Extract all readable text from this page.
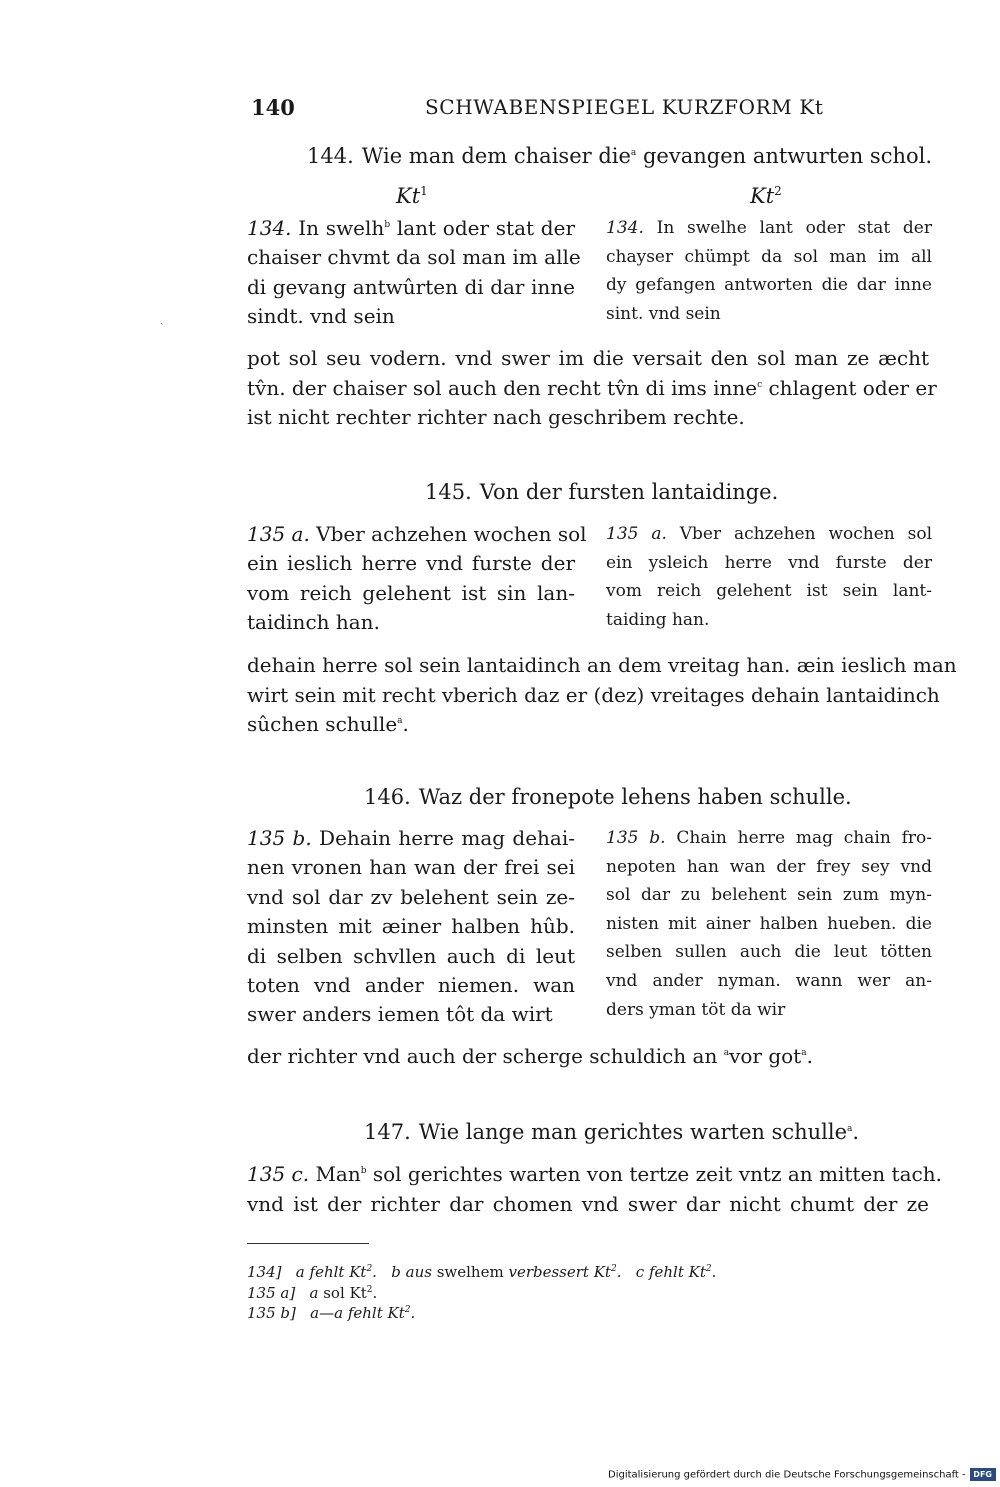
140	SCHWABENSPIEGEL KURZFORM Kt
144. Wie man dem chaiser die$^a$ gevangen antwurten schol.
Kt$^1$	Kt$^2$
134. In swelh$^b$ lant oder stat der
chaiser chvmt da sol man im alle
di gevang antwûrten di dar inne
sindt. vnd sein
134. In swelhe lant oder stat der
chayser chümpt da sol man im all
dy gefangen antworten die dar inne
sint. vnd sein
ˎ
pot sol seu vodern. vnd swer im die versait den sol man ze æcht
tv̂n. der chaiser sol auch den recht tv̂n di ims inne$^c$ chlagent oder er
ist nicht rechter richter nach geschribem rechte.
145. Von der fursten lantaidinge.
135 a. Vber achzehen wochen sol
ein ieslich herre vnd furste der
vom reich gelehent ist sin lan-
taidinch han.
135 a. Vber achzehen wochen sol
ein ysleich herre vnd furste der
vom reich gelehent ist sein lant-
taiding han.
dehain herre sol sein lantaidinch an dem vreitag han. æin ieslich man
wirt sein mit recht vberich daz er (dez) vreitages dehain lantaidinch
sûchen schulle$^a$.
146. Waz der fronepote lehens haben schulle.
135 b. Dehain herre mag dehai-
nen vronen han wan der frei sei
vnd sol dar zv belehent sein ze-
minsten mit æiner halben hûb.
di selben schvllen auch di leut
toten vnd ander niemen. wan
swer anders iemen tôt da wirt
135 b. Chain herre mag chain fro-
nepoten han wan der frey sey vnd
sol dar zu belehent sein zum myn-
nisten mit ainer halben hueben. die
selben sullen auch die leut tötten
vnd ander nyman. wann wer an-
ders yman töt da wir
der richter vnd auch der scherge schuldich an $^a$vor got$^a$.
147. Wie lange man gerichtes warten schulle$^a$.
135 c. Man$^b$ sol gerichtes warten von tertze zeit vntz an mitten tach.
vnd ist der richter dar chomen vnd swer dar nicht chumt der ze
134] a fehlt Kt$^2$. b aus swelhem verbessert Kt$^2$. c fehlt Kt$^2$.
135 a] a sol Kt$^2$.
135 b] a—a fehlt Kt$^2$.
Digitalisierung gefördert durch die Deutsche Forschungsgemeinschaft - DFG
